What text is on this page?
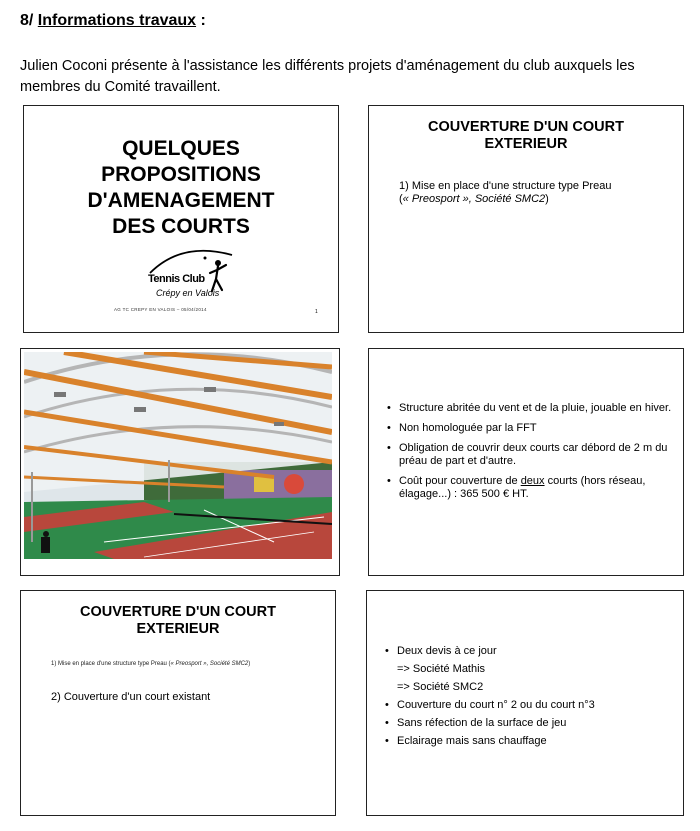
8/ Informations travaux :
Julien Coconi présente à l'assistance les différents projets d'aménagement du club auxquels les membres du Comité travaillent.
QUELQUES
PROPOSITIONS
D'AMENAGEMENT
DES COURTS
Tennis Club
Crépy en Valois
AG TC CREPY EN VALOIS – 05/04/2014	1
COUVERTURE D'UN COURT
EXTERIEUR
1) Mise en place d'une structure type Preau
(« Preosport », Société SMC2)
• Structure abritée du vent et de la pluie, jouable en hiver.
• Non homologuée par la FFT
• Obligation de couvrir deux courts car débord de 2 m du préau de part et d'autre.
• Coût pour couverture de deux courts (hors réseau, élagage...) : 365 500 € HT.
COUVERTURE D'UN COURT
EXTERIEUR
1) Mise en place d'une structure type Preau (« Preosport », Société SMC2)
2) Couverture d'un court existant
• Deux devis à ce jour
=> Société Mathis
=> Société SMC2
• Couverture du court n° 2 ou du court n°3
• Sans réfection de la surface de jeu
• Eclairage mais sans chauffage
